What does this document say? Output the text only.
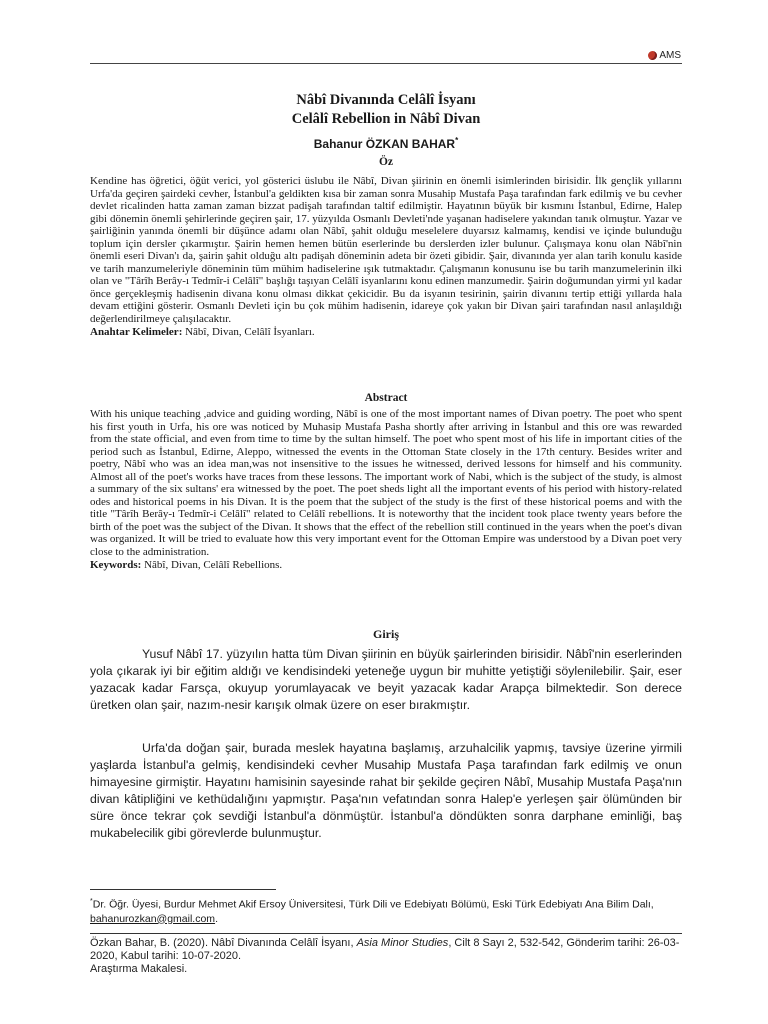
AMS
Nâbî Divanında Celâlî İsyanı
Celâlî Rebellion in Nâbî Divan
Bahanur ÖZKAN BAHAR*
Öz
Kendine has öğretici, öğüt verici, yol gösterici üslubu ile Nâbî, Divan şiirinin en önemli isimlerinden birisidir. İlk gençlik yıllarını Urfa'da geçiren şairdeki cevher, İstanbul'a geldikten kısa bir zaman sonra Musahip Mustafa Paşa tarafından fark edilmiş ve bu cevher devlet ricalinden hatta zaman zaman bizzat padişah tarafından taltif edilmiştir. Hayatının büyük bir kısmını İstanbul, Edirne, Halep gibi dönemin önemli şehirlerinde geçiren şair, 17. yüzyılda Osmanlı Devleti'nde yaşanan hadiselere yakından tanık olmuştur. Yazar ve şairliğinin yanında önemli bir düşünce adamı olan Nâbî, şahit olduğu meselelere duyarsız kalmamış, kendisi ve içinde bulunduğu toplum için dersler çıkarmıştır. Şairin hemen hemen bütün eserlerinde bu derslerden izler bulunur. Çalışmaya konu olan Nâbî'nin önemli eseri Divan'ı da, şairin şahit olduğu altı padişah döneminin adeta bir özeti gibidir. Şair, divanında yer alan tarih konulu kaside ve tarih manzumeleriyle döneminin tüm mühim hadiselerine ışık tutmaktadır. Çalışmanın konusunu ise bu tarih manzumelerinin ilki olan ve "Târîh Berây-ı Tedmîr-i Celâlî" başlığı taşıyan Celâlî isyanlarını konu edinen manzumedir. Şairin doğumundan yirmi yıl kadar önce gerçekleşmiş hadisenin divana konu olması dikkat çekicidir. Bu da isyanın tesirinin, şairin divanını tertip ettiği yıllarda hala devam ettiğini gösterir. Osmanlı Devleti için bu çok mühim hadisenin, idareye çok yakın bir Divan şairi tarafından nasıl anlaşıldığı değerlendirilmeye çalışılacaktır.
Anahtar Kelimeler: Nâbî, Divan, Celâlî İsyanları.
Abstract
With his unique teaching ,advice and guiding wording, Nâbî is one of the most important names of Divan poetry. The poet who spent his first youth in Urfa, his ore was noticed by Muhasip Mustafa Pasha shortly after arriving in İstanbul and this ore was rewarded from the state official, and even from time to time by the sultan himself. The poet who spent most of his life in important cities of the period such as İstanbul, Edirne, Aleppo, witnessed the events in the Ottoman State closely in the 17th century. Besides writer and poetry, Nâbî who was an idea man,was not insensitive to the issues he witnessed, derived lessons for himself and his community. Almost all of the poet's works have traces from these lessons. The important work of Nabi, which is the subject of the study, is almost a summary of the six sultans' era witnessed by the poet. The poet sheds light all the important events of his period with history-related odes and historical poems in his Divan. It is the poem that the subject of the study is the first of these historical poems and with the title "Târîh Berây-ı Tedmîr-i Celâlî" related to Celâlî rebellions. It is noteworthy that the incident took place twenty years before the birth of the poet was the subject of the Divan. It shows that the effect of the rebellion still continued in the years when the poet's divan was organized. It will be tried to evaluate how this very important event for the Ottoman Empire was understood by a Divan poet very close to the administration.
Keywords: Nâbî, Divan, Celâlî Rebellions.
Giriş
Yusuf Nâbî 17. yüzyılın hatta tüm Divan şiirinin en büyük şairlerinden birisidir. Nâbî'nin eserlerinden yola çıkarak iyi bir eğitim aldığı ve kendisindeki yeteneğe uygun bir muhitte yetiştiği söylenilebilir. Şair, eser yazacak kadar Farsça, okuyup yorumlayacak ve beyit yazacak kadar Arapça bilmektedir. Son derece üretken olan şair, nazım-nesir karışık olmak üzere on eser bırakmıştır.
Urfa'da doğan şair, burada meslek hayatına başlamış, arzuhalcilik yapmış, tavsiye üzerine yirmili yaşlarda İstanbul'a gelmiş, kendisindeki cevher Musahip Mustafa Paşa tarafından fark edilmiş ve onun himayesine girmiştir. Hayatını hamisinin sayesinde rahat bir şekilde geçiren Nâbî, Musahip Mustafa Paşa'nın divan kâtipliğini ve kethüdalığını yapmıştır. Paşa'nın vefatından sonra Halep'e yerleşen şair ölümünden bir süre önce tekrar çok sevdiği İstanbul'a dönmüştür. İstanbul'a döndükten sonra darphane eminliği, baş mukabelecilik gibi görevlerde bulunmuştur.
*Dr. Öğr. Üyesi, Burdur Mehmet Akif Ersoy Üniversitesi, Türk Dili ve Edebiyatı Bölümü, Eski Türk Edebiyatı Ana Bilim Dalı, bahanurozkan@gmail.com.
Özkan Bahar, B. (2020). Nâbî Divanında Celâlî İsyanı, Asia Minor Studies, Cilt 8 Sayı 2, 532-542, Gönderim tarihi: 26-03-2020, Kabul tarihi: 10-07-2020.
Araştırma Makalesi.
